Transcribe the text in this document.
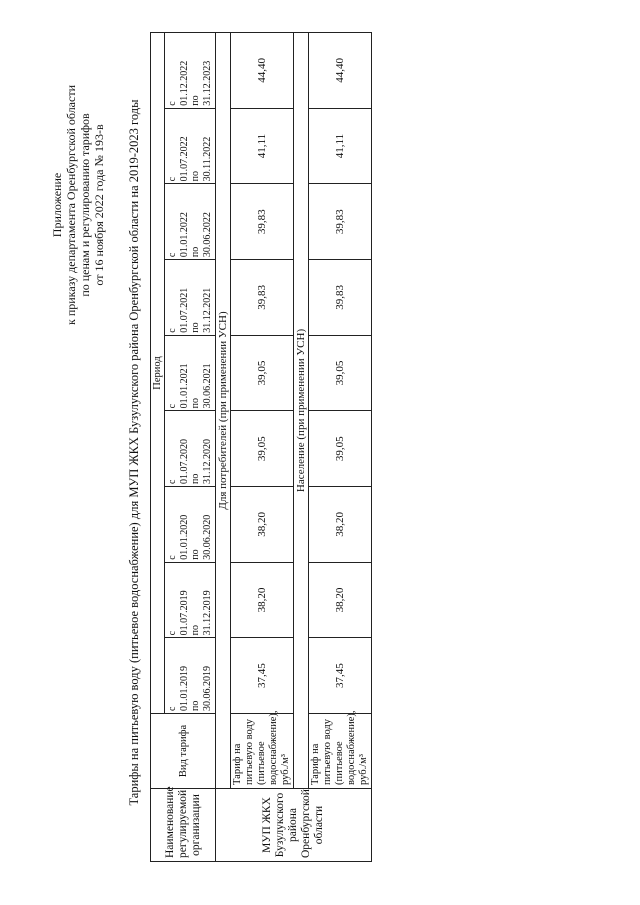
Приложение к приказу департамента Оренбургской области по ценам и регулированию тарифов от 16 ноября 2022 года № 193-в Тарифы на питьевую воду (питьевое водоснабжение) для МУП ЖКХ Бузулукского района Оренбургской области на 2019-2023 годы
Наименование регулируемой организации	Вид тарифа	Период								

		с 01.01.2019 по 30.06.2019	с 01.07.2019 по 31.12.2019	с 01.01.2020 по 30.06.2020	с 01.07.2020 по 31.12.2020	с 01.01.2021 по 30.06.2021	с 01.07.2021 по 31.12.2021	с 01.01.2022 по 30.06.2022	с 01.07.2022 по 30.11.2022	с 01.12.2022 по 31.12.2023

МУП ЖКХ Бузулукского района Оренбургской области	Для потребителей (при применении УСН)									
	Тариф на питьевую воду (питьевое водоснабжение), руб./м³	37,45	38,20	38,20	39,05	39,05	39,83	39,83	41,11	44,40
	Население (при применении УСН)									
	Тариф на питьевую воду (питьевое водоснабжение), руб./м³	37,45	38,20	38,20	39,05	39,05	39,83	39,83	41,11	44,40
